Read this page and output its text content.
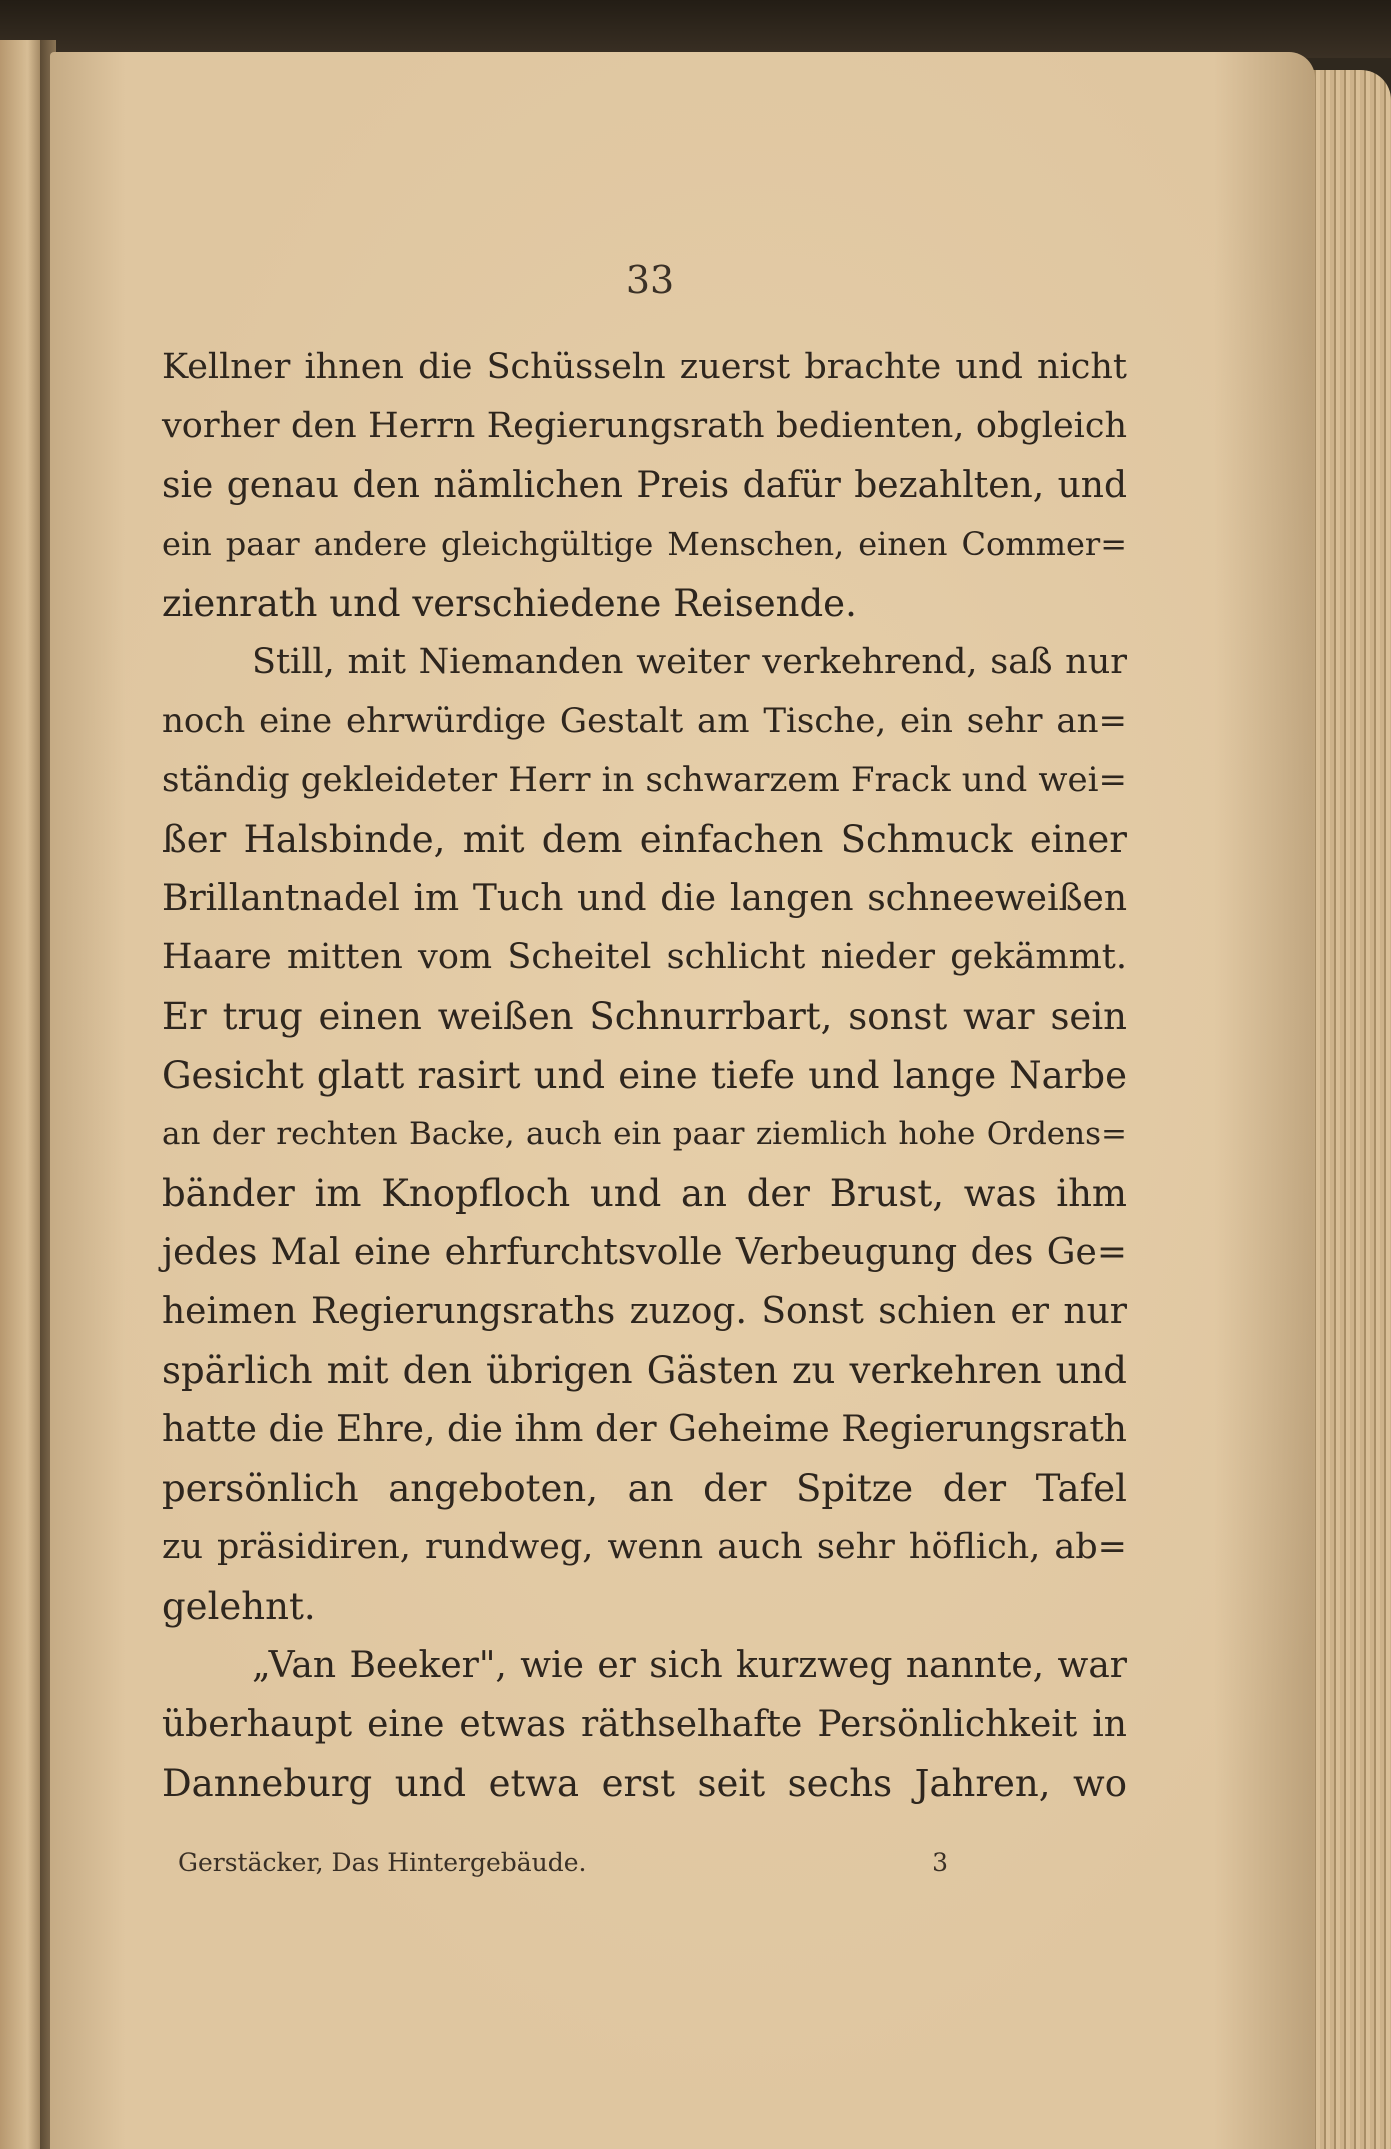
33
Kellner ihnen die Schüsseln zuerst brachte und nicht
vorher den Herrn Regierungsrath bedienten, obgleich
sie genau den nämlichen Preis dafür bezahlten, und
ein paar andere gleichgültige Menschen, einen Commer=
zienrath und verschiedene Reisende.
Still, mit Niemanden weiter verkehrend, saß nur
noch eine ehrwürdige Gestalt am Tische, ein sehr an=
ständig gekleideter Herr in schwarzem Frack und wei=
ßer Halsbinde, mit dem einfachen Schmuck einer
Brillantnadel im Tuch und die langen schneeweißen
Haare mitten vom Scheitel schlicht nieder gekämmt.
Er trug einen weißen Schnurrbart, sonst war sein
Gesicht glatt rasirt und eine tiefe und lange Narbe
an der rechten Backe, auch ein paar ziemlich hohe Ordens=
bänder im Knopfloch und an der Brust, was ihm
jedes Mal eine ehrfurchtsvolle Verbeugung des Ge=
heimen Regierungsraths zuzog. Sonst schien er nur
spärlich mit den übrigen Gästen zu verkehren und
hatte die Ehre, die ihm der Geheime Regierungsrath
persönlich angeboten, an der Spitze der Tafel
zu präsidiren, rundweg, wenn auch sehr höflich, ab=
gelehnt.
„Van Beeker", wie er sich kurzweg nannte, war
überhaupt eine etwas räthselhafte Persönlichkeit in
Danneburg und etwa erst seit sechs Jahren, wo
Gerstäcker, Das Hintergebäude.	3
